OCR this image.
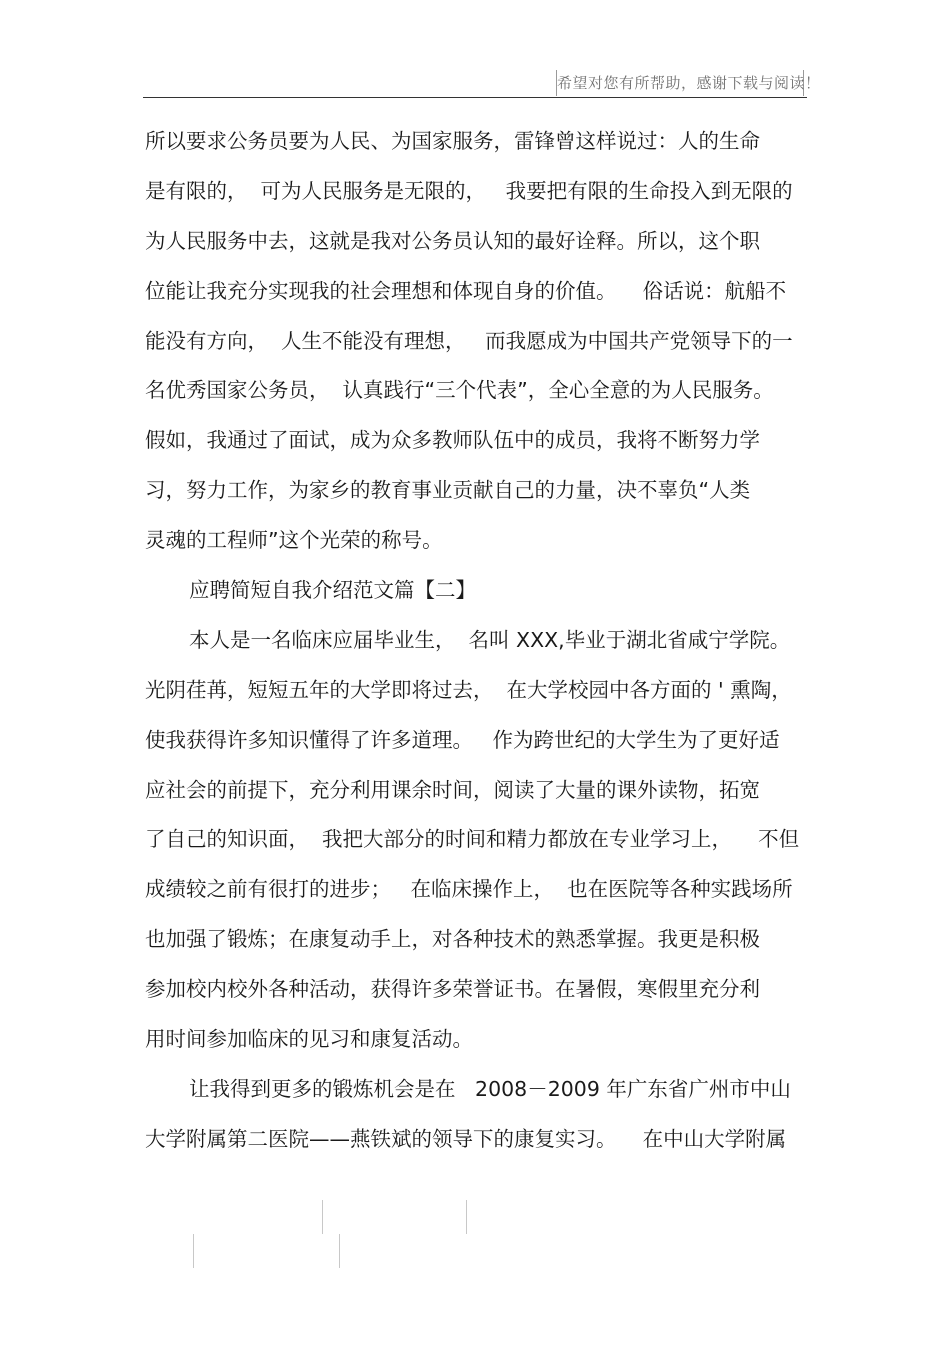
希望对您有所帮助，感谢下载与阅读！
所以要求公务员要为人民、为国家服务，雷锋曾这样说过：人的生命
是有限的，  可为人民服务是无限的，   我要把有限的生命投入到无限的
为人民服务中去，这就是我对公务员认知的最好诠释。所以，这个职
位能让我充分实现我的社会理想和体现自身的价值。    俗话说：航船不
能没有方向，  人生不能没有理想，   而我愿成为中国共产党领导下的一
名优秀国家公务员，  认真践行“三个代表”，全心全意的为人民服务。
假如，我通过了面试，成为众多教师队伍中的成员，我将不断努力学
习，努力工作，为家乡的教育事业贡献自己的力量，决不辜负“人类
灵魂的工程师”这个光荣的称号。
应聘简短自我介绍范文篇【二】
本人是一名临床应届毕业生，  名叫 XXX,毕业于湖北省咸宁学院。
光阴荏苒，短短五年的大学即将过去，  在大学校园中各方面的 ' 熏陶，
使我获得许多知识懂得了许多道理。   作为跨世纪的大学生为了更好适
应社会的前提下，充分利用课余时间，阅读了大量的课外读物，拓宽
了自己的知识面，  我把大部分的时间和精力都放在专业学习上，    不但
成绩较之前有很打的进步；   在临床操作上，  也在医院等各种实践场所
也加强了锻炼；在康复动手上，对各种技术的熟悉掌握。我更是积极
参加校内校外各种活动，获得许多荣誉证书。在暑假，寒假里充分利
用时间参加临床的见习和康复活动。
让我得到更多的锻炼机会是在   2008－2009 年广东省广州市中山
大学附属第二医院——燕铁斌的领导下的康复实习。    在中山大学附属
